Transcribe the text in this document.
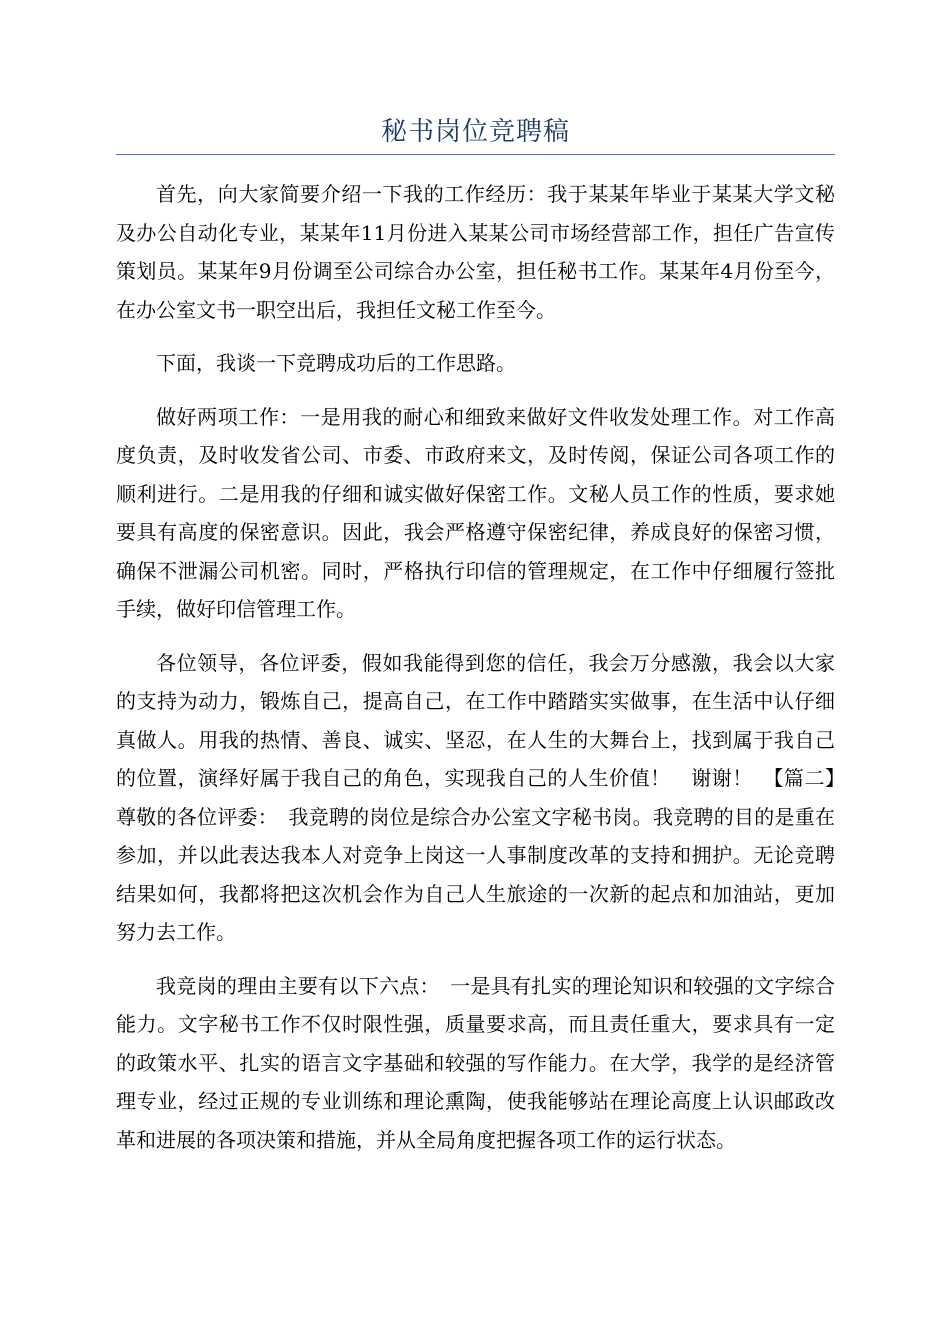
秘书岗位竞聘稿

首先，向大家简要介绍一下我的工作经历：我于某某年毕业于某某大学文秘及办公自动化专业，某某年11月份进入某某公司市场经营部工作，担任广告宣传策划员。某某年9月份调至公司综合办公室，担任秘书工作。某某年4月份至今，在办公室文书一职空出后，我担任文秘工作至今。

下面，我谈一下竞聘成功后的工作思路。

做好两项工作：一是用我的耐心和细致来做好文件收发处理工作。对工作高度负责，及时收发省公司、市委、市政府来文，及时传阅，保证公司各项工作的顺利进行。二是用我的仔细和诚实做好保密工作。文秘人员工作的性质，要求她要具有高度的保密意识。因此，我会严格遵守保密纪律，养成良好的保密习惯，确保不泄漏公司机密。同时，严格执行印信的管理规定，在工作中仔细履行签批手续，做好印信管理工作。

各位领导，各位评委，假如我能得到您的信任，我会万分感激，我会以大家的支持为动力，锻炼自己，提高自己，在工作中踏踏实实做事，在生活中认仔细真做人。用我的热情、善良、诚实、坚忍，在人生的大舞台上，找到属于我自己的位置，演绎好属于我自己的角色，实现我自己的人生价值！　谢谢！　【篇二】　尊敬的各位评委：　我竞聘的岗位是综合办公室文字秘书岗。我竞聘的目的是重在参加，并以此表达我本人对竞争上岗这一人事制度改革的支持和拥护。无论竞聘结果如何，我都将把这次机会作为自己人生旅途的一次新的起点和加油站，更加努力去工作。

我竞岗的理由主要有以下六点：　一是具有扎实的理论知识和较强的文字综合能力。文字秘书工作不仅时限性强，质量要求高，而且责任重大，要求具有一定的政策水平、扎实的语言文字基础和较强的写作能力。在大学，我学的是经济管理专业，经过正规的专业训练和理论熏陶，使我能够站在理论高度上认识邮政改革和进展的各项决策和措施，并从全局角度把握各项工作的运行状态。
